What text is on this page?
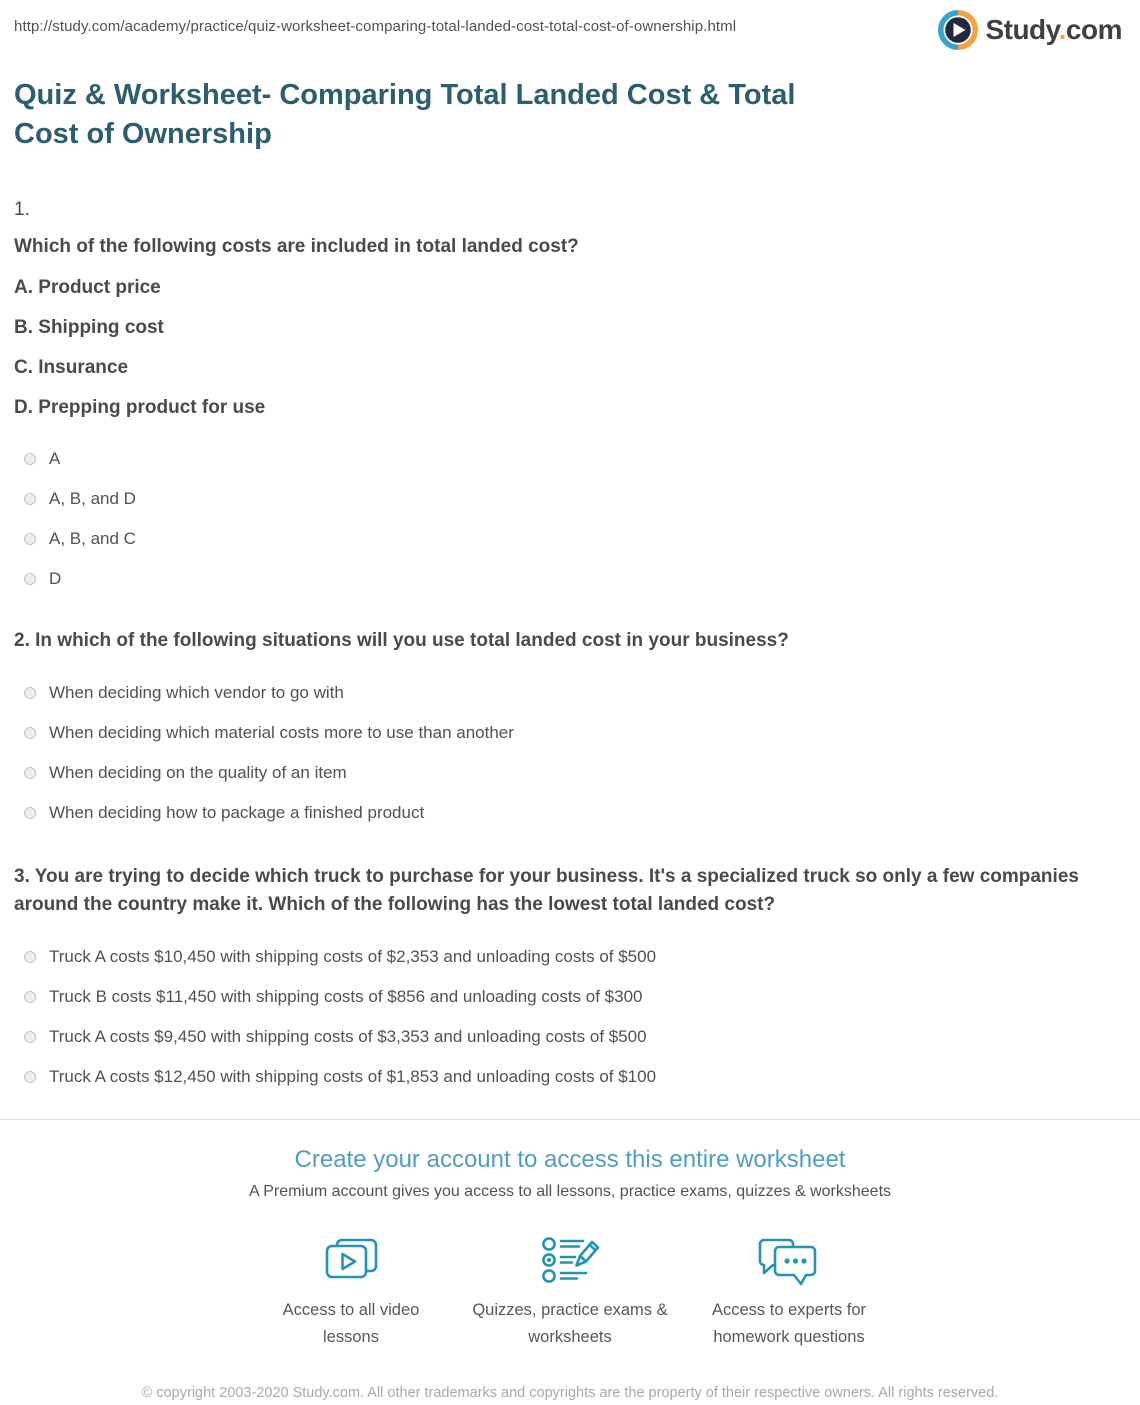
http://study.com/academy/practice/quiz-worksheet-comparing-total-landed-cost-total-cost-of-ownership.html	Study.com
Quiz & Worksheet- Comparing Total Landed Cost & Total Cost of Ownership
1.
Which of the following costs are included in total landed cost?
A. Product price
B. Shipping cost
C. Insurance
D. Prepping product for use
A
A, B, and D
A, B, and C
D
2. In which of the following situations will you use total landed cost in your business?
When deciding which vendor to go with
When deciding which material costs more to use than another
When deciding on the quality of an item
When deciding how to package a finished product
3. You are trying to decide which truck to purchase for your business. It's a specialized truck so only a few companies around the country make it. Which of the following has the lowest total landed cost?
Truck A costs $10,450 with shipping costs of $2,353 and unloading costs of $500
Truck B costs $11,450 with shipping costs of $856 and unloading costs of $300
Truck A costs $9,450 with shipping costs of $3,353 and unloading costs of $500
Truck A costs $12,450 with shipping costs of $1,853 and unloading costs of $100
Create your account to access this entire worksheet

A Premium account gives you access to all lessons, practice exams, quizzes & worksheets

Access to all video lessons
Quizzes, practice exams & worksheets
Access to experts for homework questions

© copyright 2003-2020 Study.com. All other trademarks and copyrights are the property of their respective owners. All rights reserved.
